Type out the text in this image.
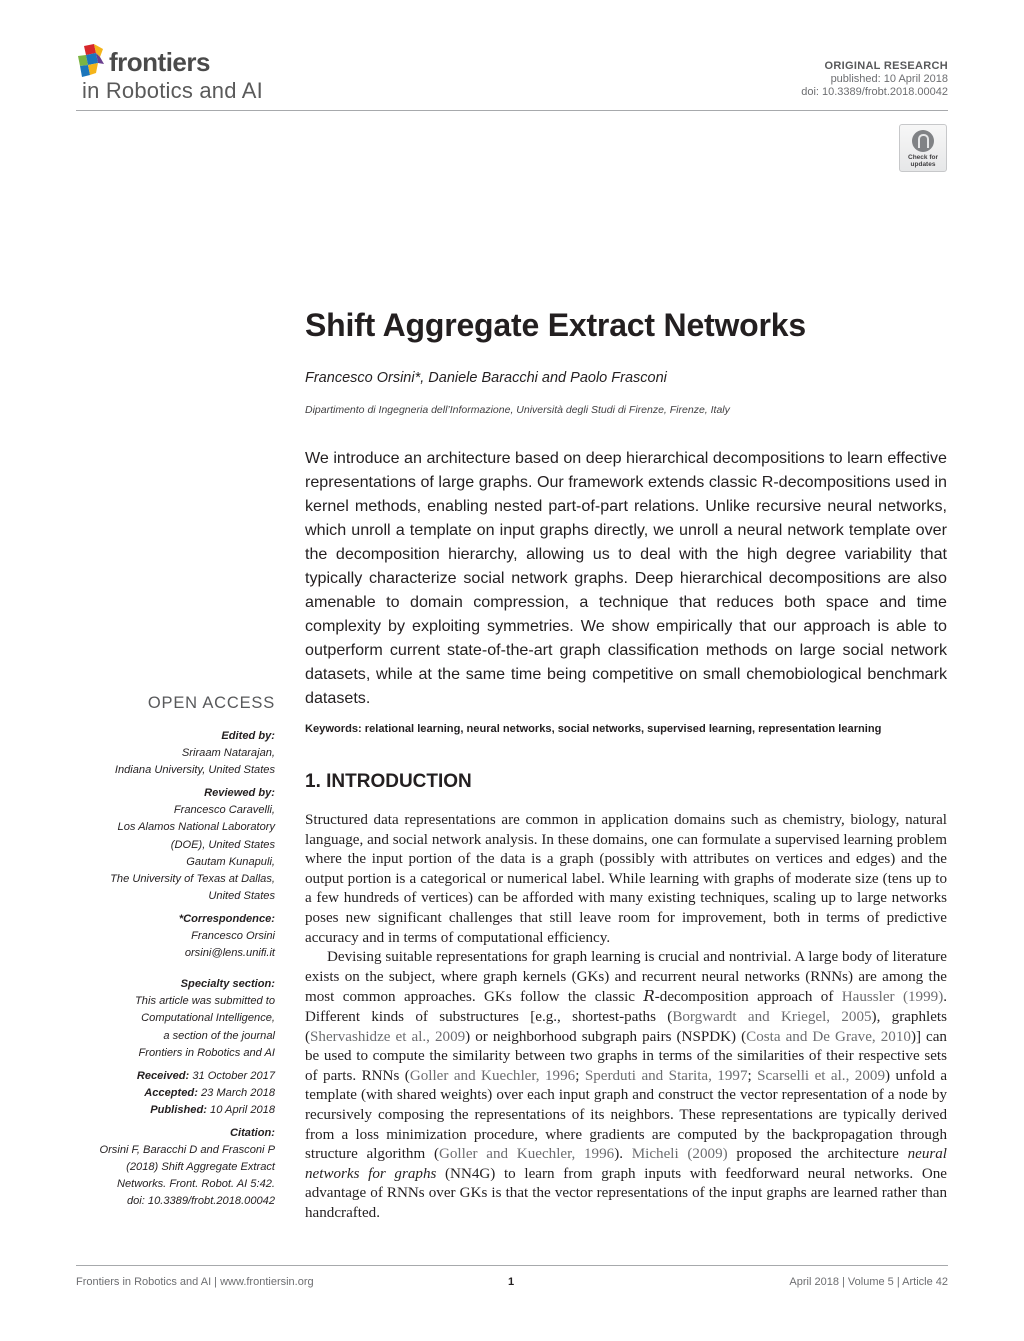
frontiers
in Robotics and AI
ORIGINAL RESEARCH
published: 10 April 2018
doi: 10.3389/frobt.2018.00042
Check for updates
Shift Aggregate Extract Networks
Francesco Orsini*, Daniele Baracchi and Paolo Frasconi
Dipartimento di Ingegneria dell’Informazione, Università degli Studi di Firenze, Firenze, Italy
We introduce an architecture based on deep hierarchical decompositions to learn effective representations of large graphs. Our framework extends classic R-decompositions used in kernel methods, enabling nested part-of-part relations. Unlike recursive neural networks, which unroll a template on input graphs directly, we unroll a neural network template over the decomposition hierarchy, allowing us to deal with the high degree variability that typically characterize social network graphs. Deep hierarchical decompositions are also amenable to domain compression, a technique that reduces both space and time complexity by exploiting symmetries. We show empirically that our approach is able to outperform current state-of-the-art graph classification methods on large social network datasets, while at the same time being competitive on small chemobiological benchmark datasets.
Keywords: relational learning, neural networks, social networks, supervised learning, representation learning
1. INTRODUCTION

Structured data representations are common in application domains such as chemistry, biology, natural language, and social network analysis. In these domains, one can formulate a supervised learning problem where the input portion of the data is a graph (possibly with attributes on vertices and edges) and the output portion is a categorical or numerical label. While learning with graphs of moderate size (tens up to a few hundreds of vertices) can be afforded with many existing techniques, scaling up to large networks poses new significant challenges that still leave room for improvement, both in terms of predictive accuracy and in terms of computational efficiency.

Devising suitable representations for graph learning is crucial and nontrivial. A large body of literature exists on the subject, where graph kernels (GKs) and recurrent neural networks (RNNs) are among the most common approaches. GKs follow the classic R-decomposition approach of Haussler (1999). Different kinds of substructures [e.g., shortest-paths (Borgwardt and Kriegel, 2005), graphlets (Shervashidze et al., 2009) or neighborhood subgraph pairs (NSPDK) (Costa and De Grave, 2010)] can be used to compute the similarity between two graphs in terms of the similarities of their respective sets of parts. RNNs (Goller and Kuechler, 1996; Sperduti and Starita, 1997; Scarselli et al., 2009) unfold a template (with shared weights) over each input graph and construct the vector representation of a node by recursively composing the representations of its neighbors. These representations are typically derived from a loss minimization procedure, where gradients are computed by the backpropagation through structure algorithm (Goller and Kuechler, 1996). Micheli (2009) proposed the architecture neural networks for graphs (NN4G) to learn from graph inputs with feedforward neural networks. One advantage of RNNs over GKs is that the vector representations of the input graphs are learned rather than handcrafted.

OPEN ACCESS
Edited by:
Sriraam Natarajan,
Indiana University, United States
Reviewed by:
Francesco Caravelli,
Los Alamos National Laboratory
(DOE), United States
Gautam Kunapuli,
The University of Texas at Dallas,
United States
*Correspondence:
Francesco Orsini
orsini@lens.unifi.it
Specialty section:
This article was submitted to
Computational Intelligence,
a section of the journal
Frontiers in Robotics and AI
Received: 31 October 2017
Accepted: 23 March 2018
Published: 10 April 2018
Citation:
Orsini F, Baracchi D and Frasconi P
(2018) Shift Aggregate Extract
Networks. Front. Robot. AI 5:42.
doi: 10.3389/frobt.2018.00042
Frontiers in Robotics and AI | www.frontiersin.org	1	April 2018 | Volume 5 | Article 42
